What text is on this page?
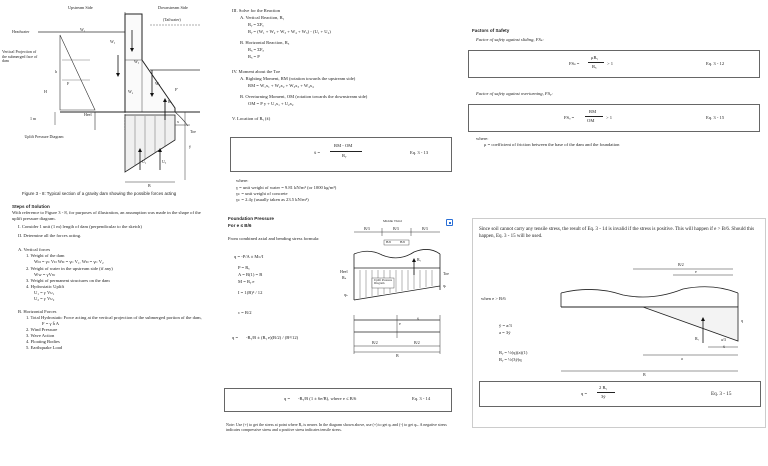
Upstream Side	Downstream Side
(Tailwater)
Headwater
Vertical Projection of the submerged face of dam
Heel
Toe
Uplift Pressure Diagram
W₁
W₂
W₃
W₄
W₅
F
F'
H
U₁	U₂
Rᵧ
x
ȳ
h
1 m
B
Figure 3 - 8: Typical section of a gravity dam showing the possible forces acting
Steps of Solution
With reference to Figure 3 - 8, for purposes of illustration, an assumption was made in the shape of the uplift pressure diagram.
I. Consider 1 unit (1 m) length of dam (perpendicular to the sketch)
II. Determine all the forces acting.
A. Vertical forces
1. Weight of the dam
Wᴅ = γᴄ Vᴅ Wᴅ = γᴄ V₁, Wᴅ = γᴄ V₂
2. Weight of water in the upstream side (if any)
Wᴡ = γVᴡ
3. Weight of permanent structures on the dam
4. Hydrostatic Uplift
U₁ = γ Vᴜ₁
U₂ = γ Vᴜ₂
B. Horizontal Forces
1. Total Hydrostatic Force acting at the vertical projection of the submerged portion of the dam,
F = γ h̄ A
2. Wind Pressure
3. Wave Action
4. Floating Bodies
5. Earthquake Load
III. Solve for the Reaction
A. Vertical Reaction, Rᵧ
Rᵧ = ΣFᵧ
Rᵧ = (W₁ + W₂ + W₃ + W₄ + W₅) - (U₁ + U₂)
B. Horizontal Reaction, Rₓ
Rₓ = ΣFₓ
Rₓ = P
IV. Moment about the Toe
A. Righting Moment, RM (rotation towards the upstream side)
RM = W₁x₁ + W₂x₂ + W₃x₃ + W₄x₄
B. Overturning Moment, OM (rotation towards the downstream side)
OM = P y + U₁x₁ + U₂x₂
V. Location of Rᵧ (x̄)
x̄ =
RM - OM
Rᵧ
Eq. 3 - 13
where:
γ = unit weight of water = 9.81 kN/m³ (or 1000 kg/m³)
γᴄ = unit weight of concrete
γᴄ = 2.4γ (usually taken as 23.5 kN/m³)
Factors of Safety
Factor of safety against sliding, FSₛ:
FSₛ =
μRᵧ
Rₓ
> 1	Eq. 3 - 12
Factor of safety against overturning, FSₒ:
FSₒ =
RM
OM
> 1	Eq. 3 - 15
where:
μ = coefficient of friction between the base of the dam and the foundation
Foundation Pressure
For e ≤ B/6
From combined axial and bending stress formula:
q = -P/A ± Mc/I
P = Rᵧ
A = B(1) = B
M = Rᵧ e
I = 1(B)³ / 12
c = B/2
q = -Rᵧ/B ± (Rᵧ e)(B/2) / (B³/12)
Middle Third
B/3	B/3	B/3
B/6	B/6
Heel	Toe
Uplift Pressure Diagram
Rᵧ
x̄
e
B/2	B/2
B
qₕ
qₜ
Rₕ
q = -Rᵧ/B (1 ± 6e/B), where e ≤ B/6	Eq. 3 - 14
Note: Use (+) to get the stress at point where Rᵧ is nearer. In the diagram shown above, use (+) to get qₜ and (-) to get qₕ. A negative stress indicates compressive stress and a positive stress indicates tensile stress.
Since soil cannot carry any tensile stress, the result of Eq. 3 - 14 is invalid if the stress is positive. This will happen if e > B/6. Should this happen, Eq. 3 - 15 will be used.
B/2
e
q
a/3
Rᵧ
x̄
a
B
when e > B/6
ȳ = a/3
a = 3ȳ
Rᵧ = ½(q)(a)(1)
Rᵧ = ½(3ȳ)q
q =
2 Rᵧ
3ȳ	Eq. 3 - 15
